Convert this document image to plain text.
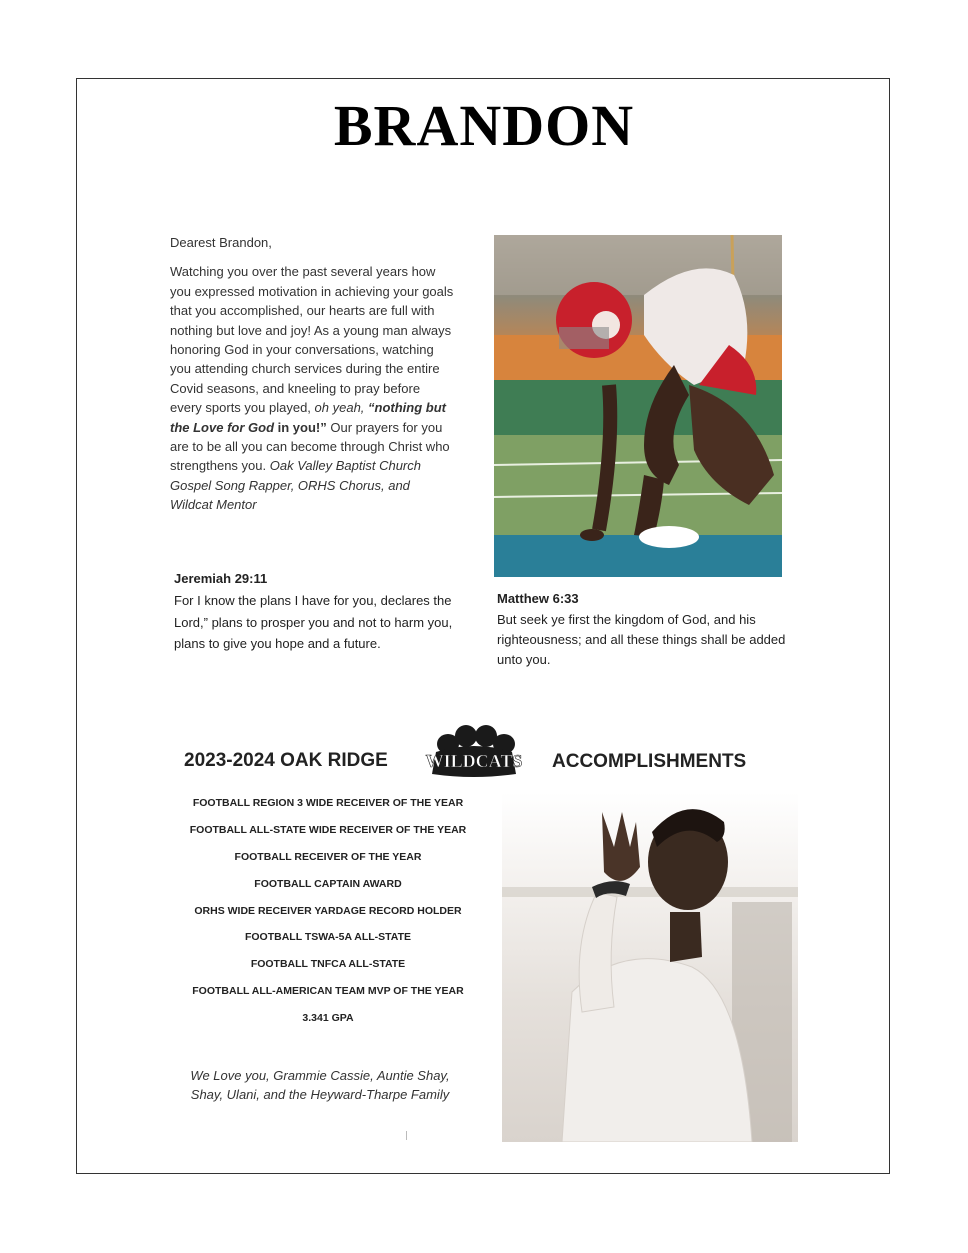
BRANDON
Dearest Brandon,
Watching you over the past several years how you expressed motivation in achieving your goals that you accomplished, our hearts are full with nothing but love and joy! As a young man always honoring God in your conversations, watching you attending church services during the entire Covid seasons, and kneeling to pray before every sports you played, oh yeah, “nothing but the Love for God in you!” Our prayers for you are to be all you can become through Christ who strengthens you. Oak Valley Baptist Church Gospel Song Rapper, ORHS Chorus, and Wildcat Mentor
Jeremiah 29:11
For I know the plans I have for you, declares the Lord,” plans to prosper you and not to harm you, plans to give you hope and a future.
Matthew 6:33
But seek ye first the kingdom of God, and his righteousness; and all these things shall be added unto you.
2023-2024 OAK RIDGE WILDCATS ACCOMPLISHMENTS
FOOTBALL REGION 3 WIDE RECEIVER OF THE YEAR
FOOTBALL ALL-STATE WIDE RECEIVER OF THE YEAR
FOOTBALL RECEIVER OF THE YEAR
FOOTBALL CAPTAIN AWARD
ORHS WIDE RECEIVER YARDAGE RECORD HOLDER
FOOTBALL TSWA-5A ALL-STATE
FOOTBALL TNFCA ALL-STATE
FOOTBALL ALL-AMERICAN TEAM MVP OF THE YEAR
3.341 GPA
We Love you, Grammie Cassie, Auntie Shay,
Shay, Ulani, and the Heyward-Tharpe Family
